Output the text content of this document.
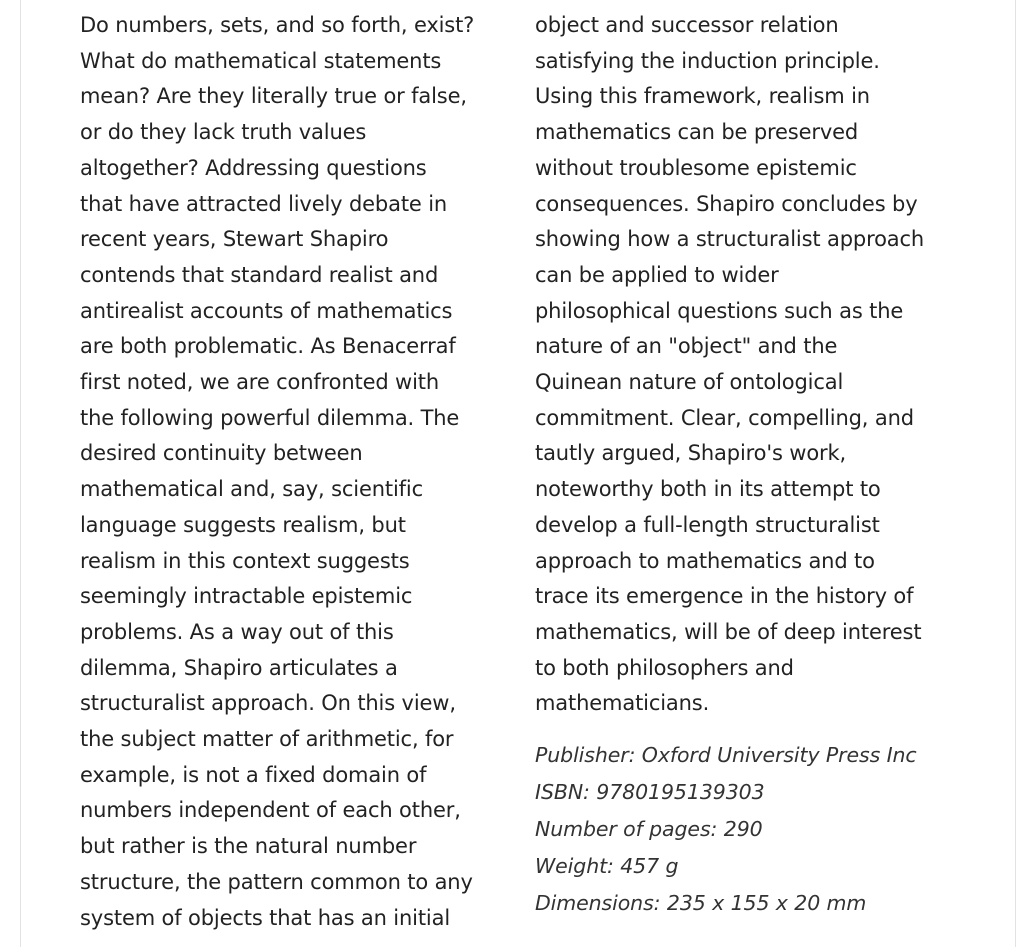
Do numbers, sets, and so forth, exist?
What do mathematical statements
mean? Are they literally true or false,
or do they lack truth values
altogether? Addressing questions
that have attracted lively debate in
recent years, Stewart Shapiro
contends that standard realist and
antirealist accounts of mathematics
are both problematic. As Benacerraf
first noted, we are confronted with
the following powerful dilemma. The
desired continuity between
mathematical and, say, scientific
language suggests realism, but
realism in this context suggests
seemingly intractable epistemic
problems. As a way out of this
dilemma, Shapiro articulates a
structuralist approach. On this view,
the subject matter of arithmetic, for
example, is not a fixed domain of
numbers independent of each other,
but rather is the natural number
structure, the pattern common to any
system of objects that has an initial
object and successor relation
satisfying the induction principle.
Using this framework, realism in
mathematics can be preserved
without troublesome epistemic
consequences. Shapiro concludes by
showing how a structuralist approach
can be applied to wider
philosophical questions such as the
nature of an "object" and the
Quinean nature of ontological
commitment. Clear, compelling, and
tautly argued, Shapiro's work,
noteworthy both in its attempt to
develop a full-length structuralist
approach to mathematics and to
trace its emergence in the history of
mathematics, will be of deep interest
to both philosophers and
mathematicians.
Publisher: Oxford University Press Inc
ISBN: 9780195139303
Number of pages: 290
Weight: 457 g
Dimensions: 235 x 155 x 20 mm
